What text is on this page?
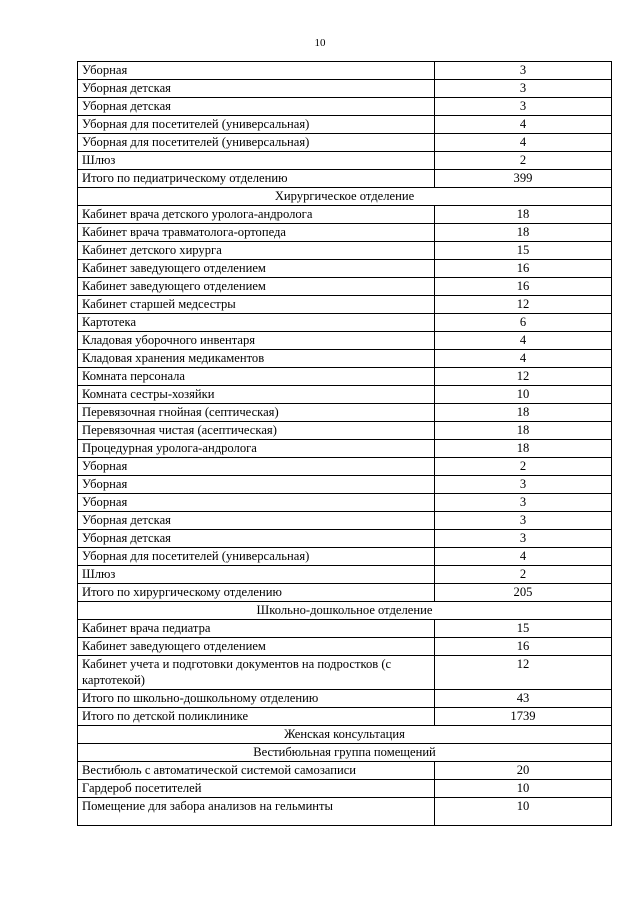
10
Уборная	3
Уборная детская	3
Уборная детская	3
Уборная для посетителей (универсальная)	4
Уборная для посетителей (универсальная)	4
Шлюз	2
Итого по педиатрическому отделению	399
Хирургическое отделение	
Кабинет врача детского уролога-андролога	18
Кабинет врача травматолога-ортопеда	18
Кабинет детского хирурга	15
Кабинет заведующего отделением	16
Кабинет заведующего отделением	16
Кабинет старшей медсестры	12
Картотека	6
Кладовая уборочного инвентаря	4
Кладовая хранения медикаментов	4
Комната персонала	12
Комната сестры-хозяйки	10
Перевязочная гнойная (септическая)	18
Перевязочная чистая (асептическая)	18
Процедурная уролога-андролога	18
Уборная	2
Уборная	3
Уборная	3
Уборная детская	3
Уборная детская	3
Уборная для посетителей (универсальная)	4
Шлюз	2
Итого по хирургическому отделению	205
Школьно-дошкольное отделение	
Кабинет врача педиатра	15
Кабинет заведующего отделением	16
Кабинет учета и подготовки документов на подростков (с картотекой)	12
Итого по школьно-дошкольному отделению	43
Итого по детской поликлинике	1739
Женская консультация	
Вестибюльная группа помещений	
Вестибюль с автоматической системой самозаписи	20
Гардероб посетителей	10
Помещение для забора анализов на гельминты	10
